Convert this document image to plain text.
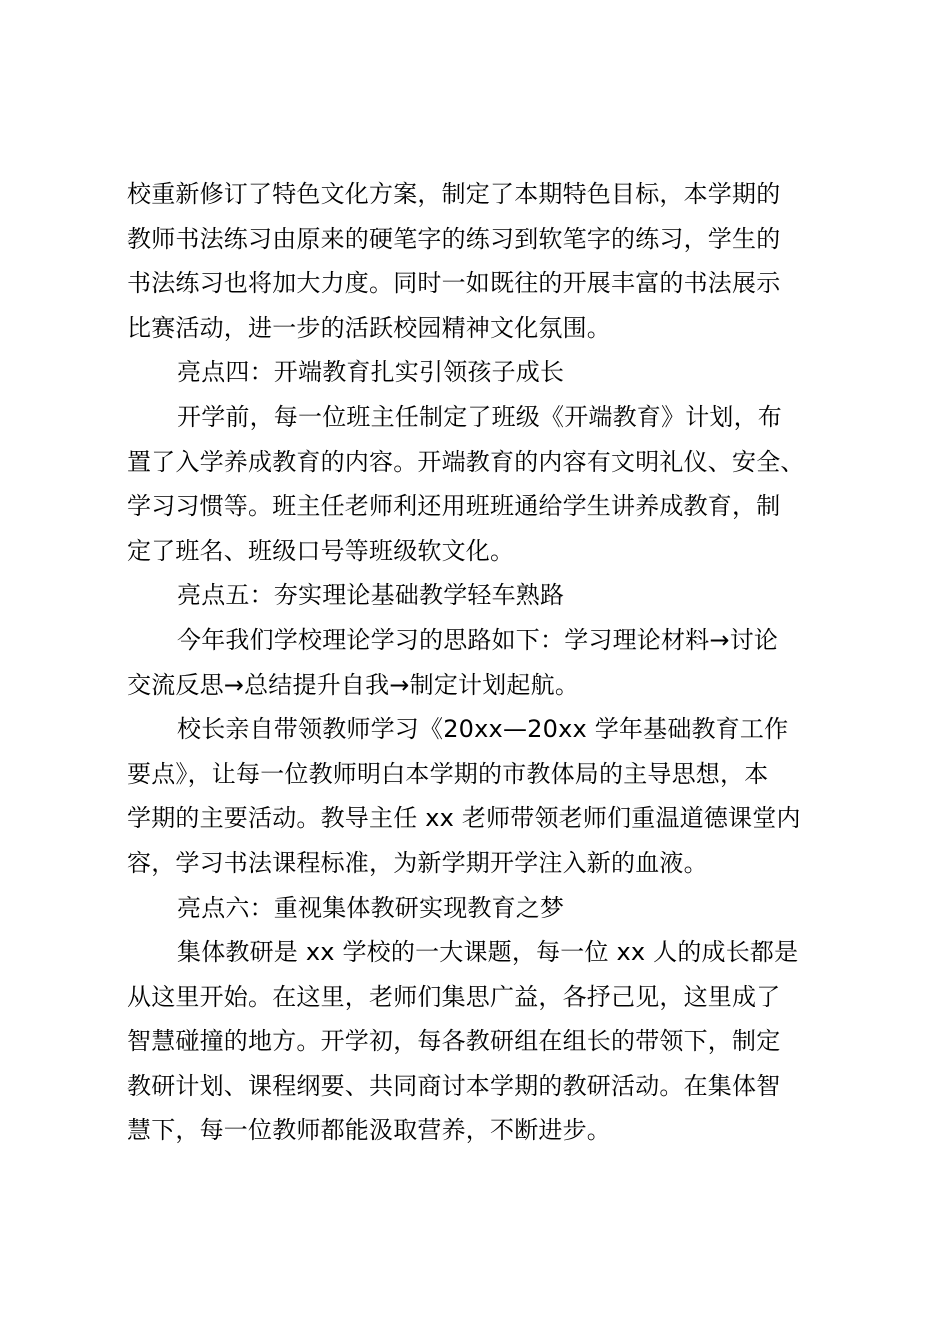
校重新修订了特色文化方案，制定了本期特色目标，本学期的
教师书法练习由原来的硬笔字的练习到软笔字的练习，学生的
书法练习也将加大力度。同时一如既往的开展丰富的书法展示
比赛活动，进一步的活跃校园精神文化氛围。
亮点四：开端教育扎实引领孩子成长
开学前，每一位班主任制定了班级《开端教育》计划，布
置了入学养成教育的内容。开端教育的内容有文明礼仪、安全、
学习习惯等。班主任老师利还用班班通给学生讲养成教育，制
定了班名、班级口号等班级软文化。
亮点五：夯实理论基础教学轻车熟路
今年我们学校理论学习的思路如下：学习理论材料→讨论
交流反思→总结提升自我→制定计划起航。
校长亲自带领教师学习《20xx—20xx 学年基础教育工作
要点》，让每一位教师明白本学期的市教体局的主导思想，本
学期的主要活动。教导主任 xx 老师带领老师们重温道德课堂内
容，学习书法课程标准，为新学期开学注入新的血液。
亮点六：重视集体教研实现教育之梦
集体教研是 xx 学校的一大课题，每一位 xx 人的成长都是
从这里开始。在这里，老师们集思广益，各抒己见，这里成了
智慧碰撞的地方。开学初，每各教研组在组长的带领下，制定
教研计划、课程纲要、共同商讨本学期的教研活动。在集体智
慧下，每一位教师都能汲取营养，不断进步。
